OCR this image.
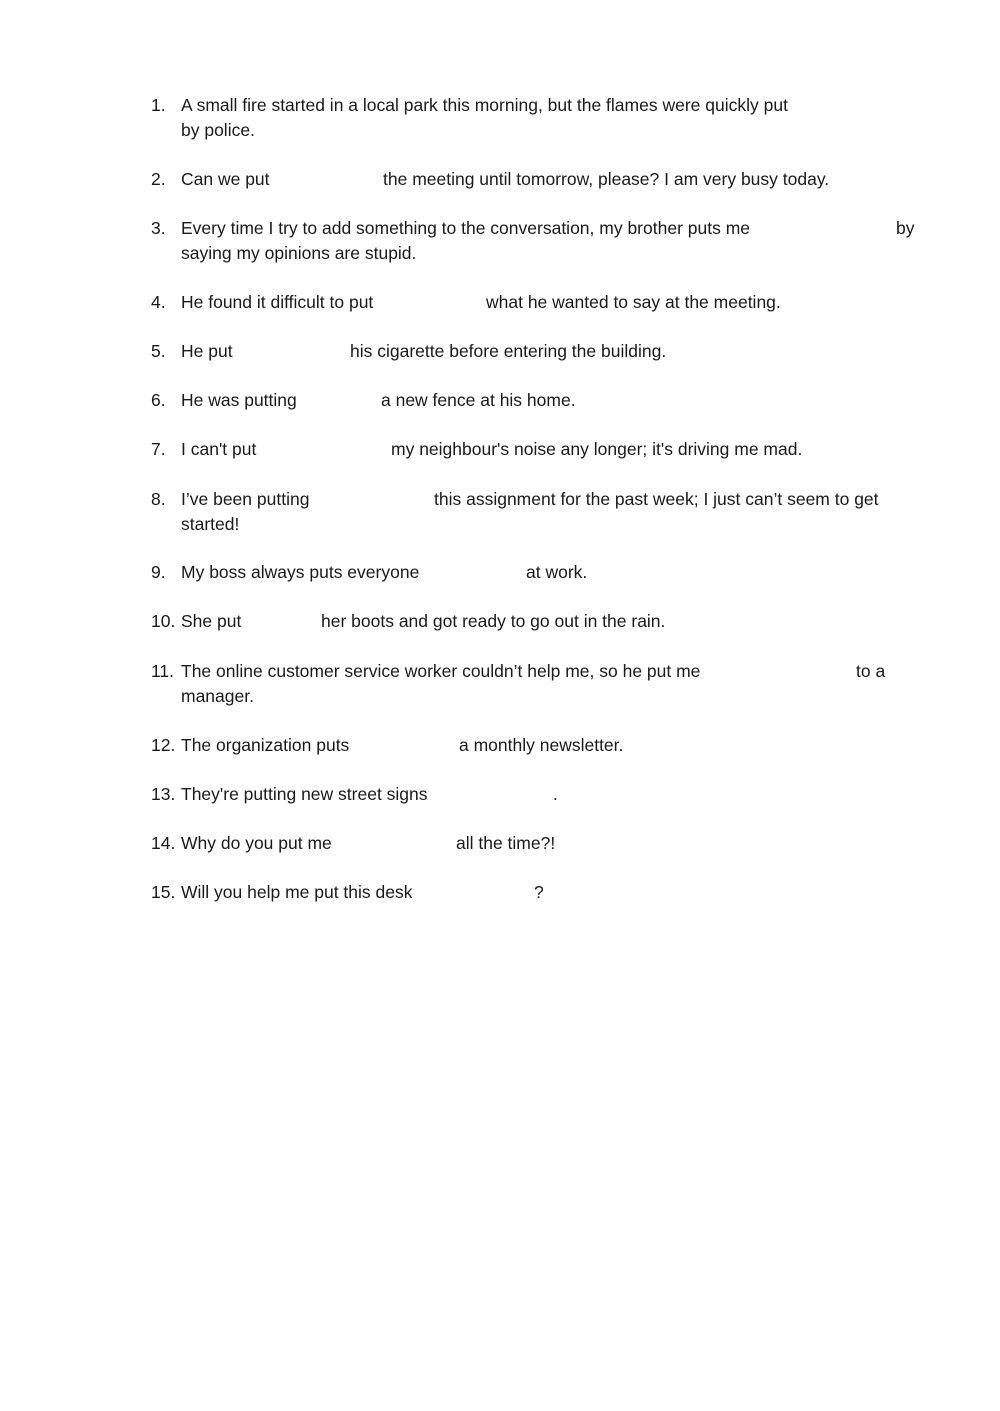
1. A small fire started in a local park this morning, but the flames were quickly put
by police.
2. Can we put	the meeting until tomorrow, please? I am very busy today.
3. Every time I try to add something to the conversation, my brother puts me	by
saying my opinions are stupid.
4. He found it difficult to put	what he wanted to say at the meeting.
5. He put	his cigarette before entering the building.
6. He was putting	a new fence at his home.
7. I can't put	my neighbour's noise any longer; it's driving me mad.
8. I’ve been putting	this assignment for the past week; I just can’t seem to get
started!
9. My boss always puts everyone	at work.
10. She put	her boots and got ready to go out in the rain.
11. The online customer service worker couldn’t help me, so he put me	to a
manager.
12. The organization puts	a monthly newsletter.
13. They're putting new street signs	.
14. Why do you put me	all the time?!
15. Will you help me put this desk	?
